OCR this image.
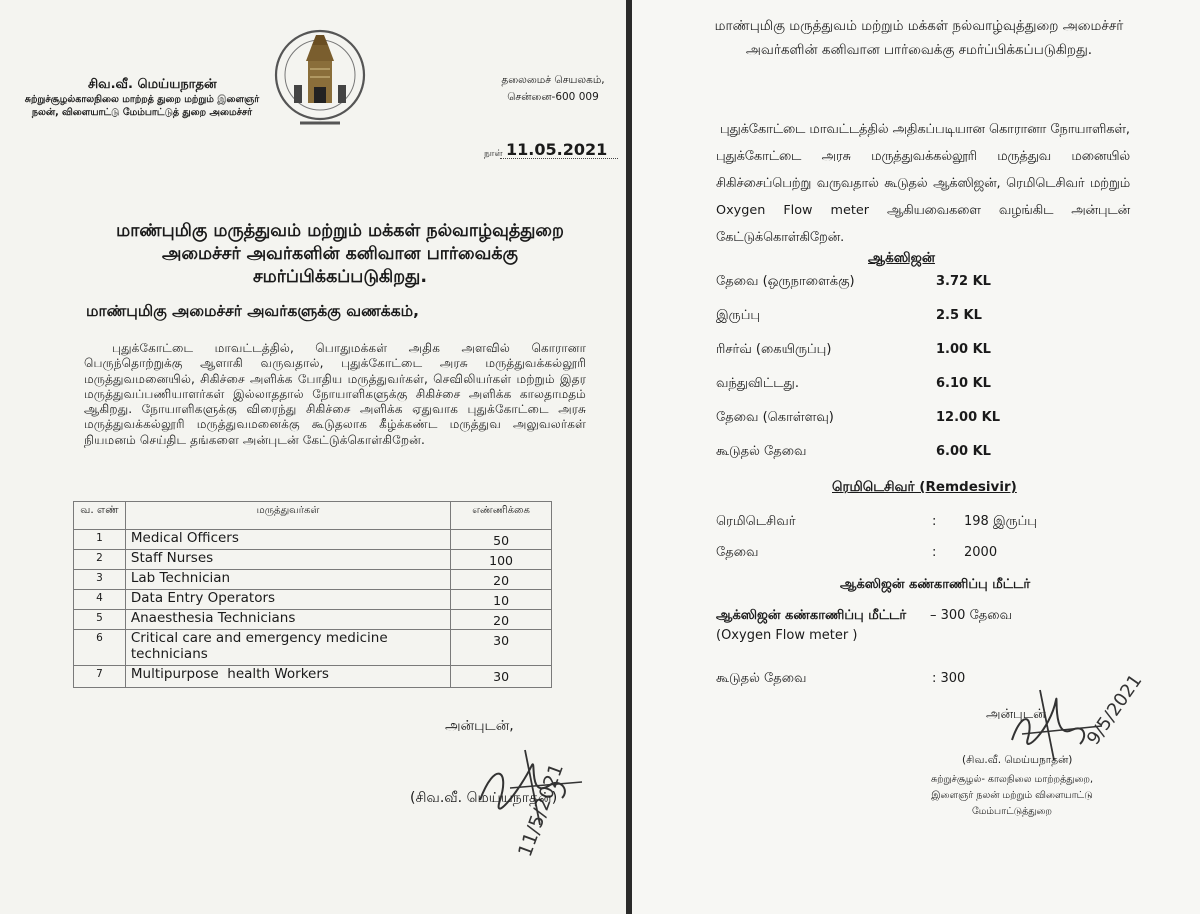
சிவ.வீ. மெய்யநாதன்
சுற்றுச்சூழல்காலநிலை மாற்றத் துறை மற்றும் இளைஞர் நலன், விளையாட்டு மேம்பாட்டுத் துறை அமைச்சர்
தலைமைச் செயலகம், சென்னை-600 009
நாள் 11.05.2021
மாண்புமிகு மருத்துவம் மற்றும் மக்கள் நல்வாழ்வுத்துறை அமைச்சர் அவர்களின் கனிவான பார்வைக்கு சமர்ப்பிக்கப்படுகிறது.
மாண்புமிகு அமைச்சர் அவர்களுக்கு வணக்கம்,
புதுக்கோட்டை மாவட்டத்தில், பொதுமக்கள் அதிக அளவில் கொரானா பெருந்தொற்றுக்கு ஆளாகி வருவதால், புதுக்கோட்டை அரசு மருத்துவக்கல்லூரி மருத்துவமனையில், சிகிச்சை அளிக்க போதிய மருத்துவர்கள், செவிலியர்கள் மற்றும் இதர மருத்துவப்பணியாளர்கள் இல்லாததால் நோயாளிகளுக்கு சிகிச்சை அளிக்க காலதாமதம் ஆகிறது. நோயாளிகளுக்கு விரைந்து சிகிச்சை அளிக்க ஏதுவாக புதுக்கோட்டை அரசு மருத்துவக்கல்லூரி மருத்துவமனைக்கு கூடுதலாக கீழ்க்கண்ட மருத்துவ அலுவலர்கள் நியமனம் செய்திட தங்களை அன்புடன் கேட்டுக்கொள்கிறேன்.
வ. எண்	மருத்துவர்கள்	எண்ணிக்கை
1	Medical Officers	50
2	Staff Nurses	100
3	Lab Technician	20
4	Data Entry Operators	10
5	Anaesthesia Technicians	20
6	Critical care and emergency medicine technicians	30
7	Multipurpose  health Workers	30
அன்புடன்,
11/5/2021
(சிவ.வீ. மெய்யநாதன்)
மாண்புமிகு மருத்துவம் மற்றும் மக்கள் நல்வாழ்வுத்துறை அமைச்சர் அவர்களின் கனிவான பார்வைக்கு சமர்ப்பிக்கப்படுகிறது.
புதுக்கோட்டை மாவட்டத்தில் அதிகப்படியான கொரானா நோயாளிகள், புதுக்கோட்டை அரசு மருத்துவக்கல்லூரி மருத்துவ மனையில் சிகிச்சைப்பெற்று வருவதால் கூடுதல் ஆக்ஸிஜன், ரெமிடெசிவர் மற்றும் Oxygen Flow meter ஆகியவைகளை வழங்கிட அன்புடன் கேட்டுக்கொள்கிறேன்.
ஆக்ஸிஜன்
தேவை (ஒருநாளைக்கு)	3.72 KL
இருப்பு	2.5 KL
ரிசர்வ் (கையிருப்பு)	1.00 KL
வந்துவிட்டது.	6.10 KL
தேவை (கொள்ளவு)	12.00 KL
கூடுதல் தேவை	6.00 KL
ரெமிடெசிவர் (Remdesivir)
ரெமிடெசிவர்	: 198 இருப்பு
தேவை	: 2000
ஆக்ஸிஜன் கண்காணிப்பு மீட்டர்
ஆக்ஸிஜன் கண்காணிப்பு மீட்டர்
(Oxygen Flow meter )
– 300 தேவை
கூடுதல் தேவை	: 300
அன்புடன் 9/5/2021
(சிவ.வீ. மெய்யநாதன்)
சுற்றுச்சூழல்- காலநிலை மாற்றத்துறை, இளைஞர் நலன் மற்றும் விளையாட்டு மேம்பாட்டுத்துறை
